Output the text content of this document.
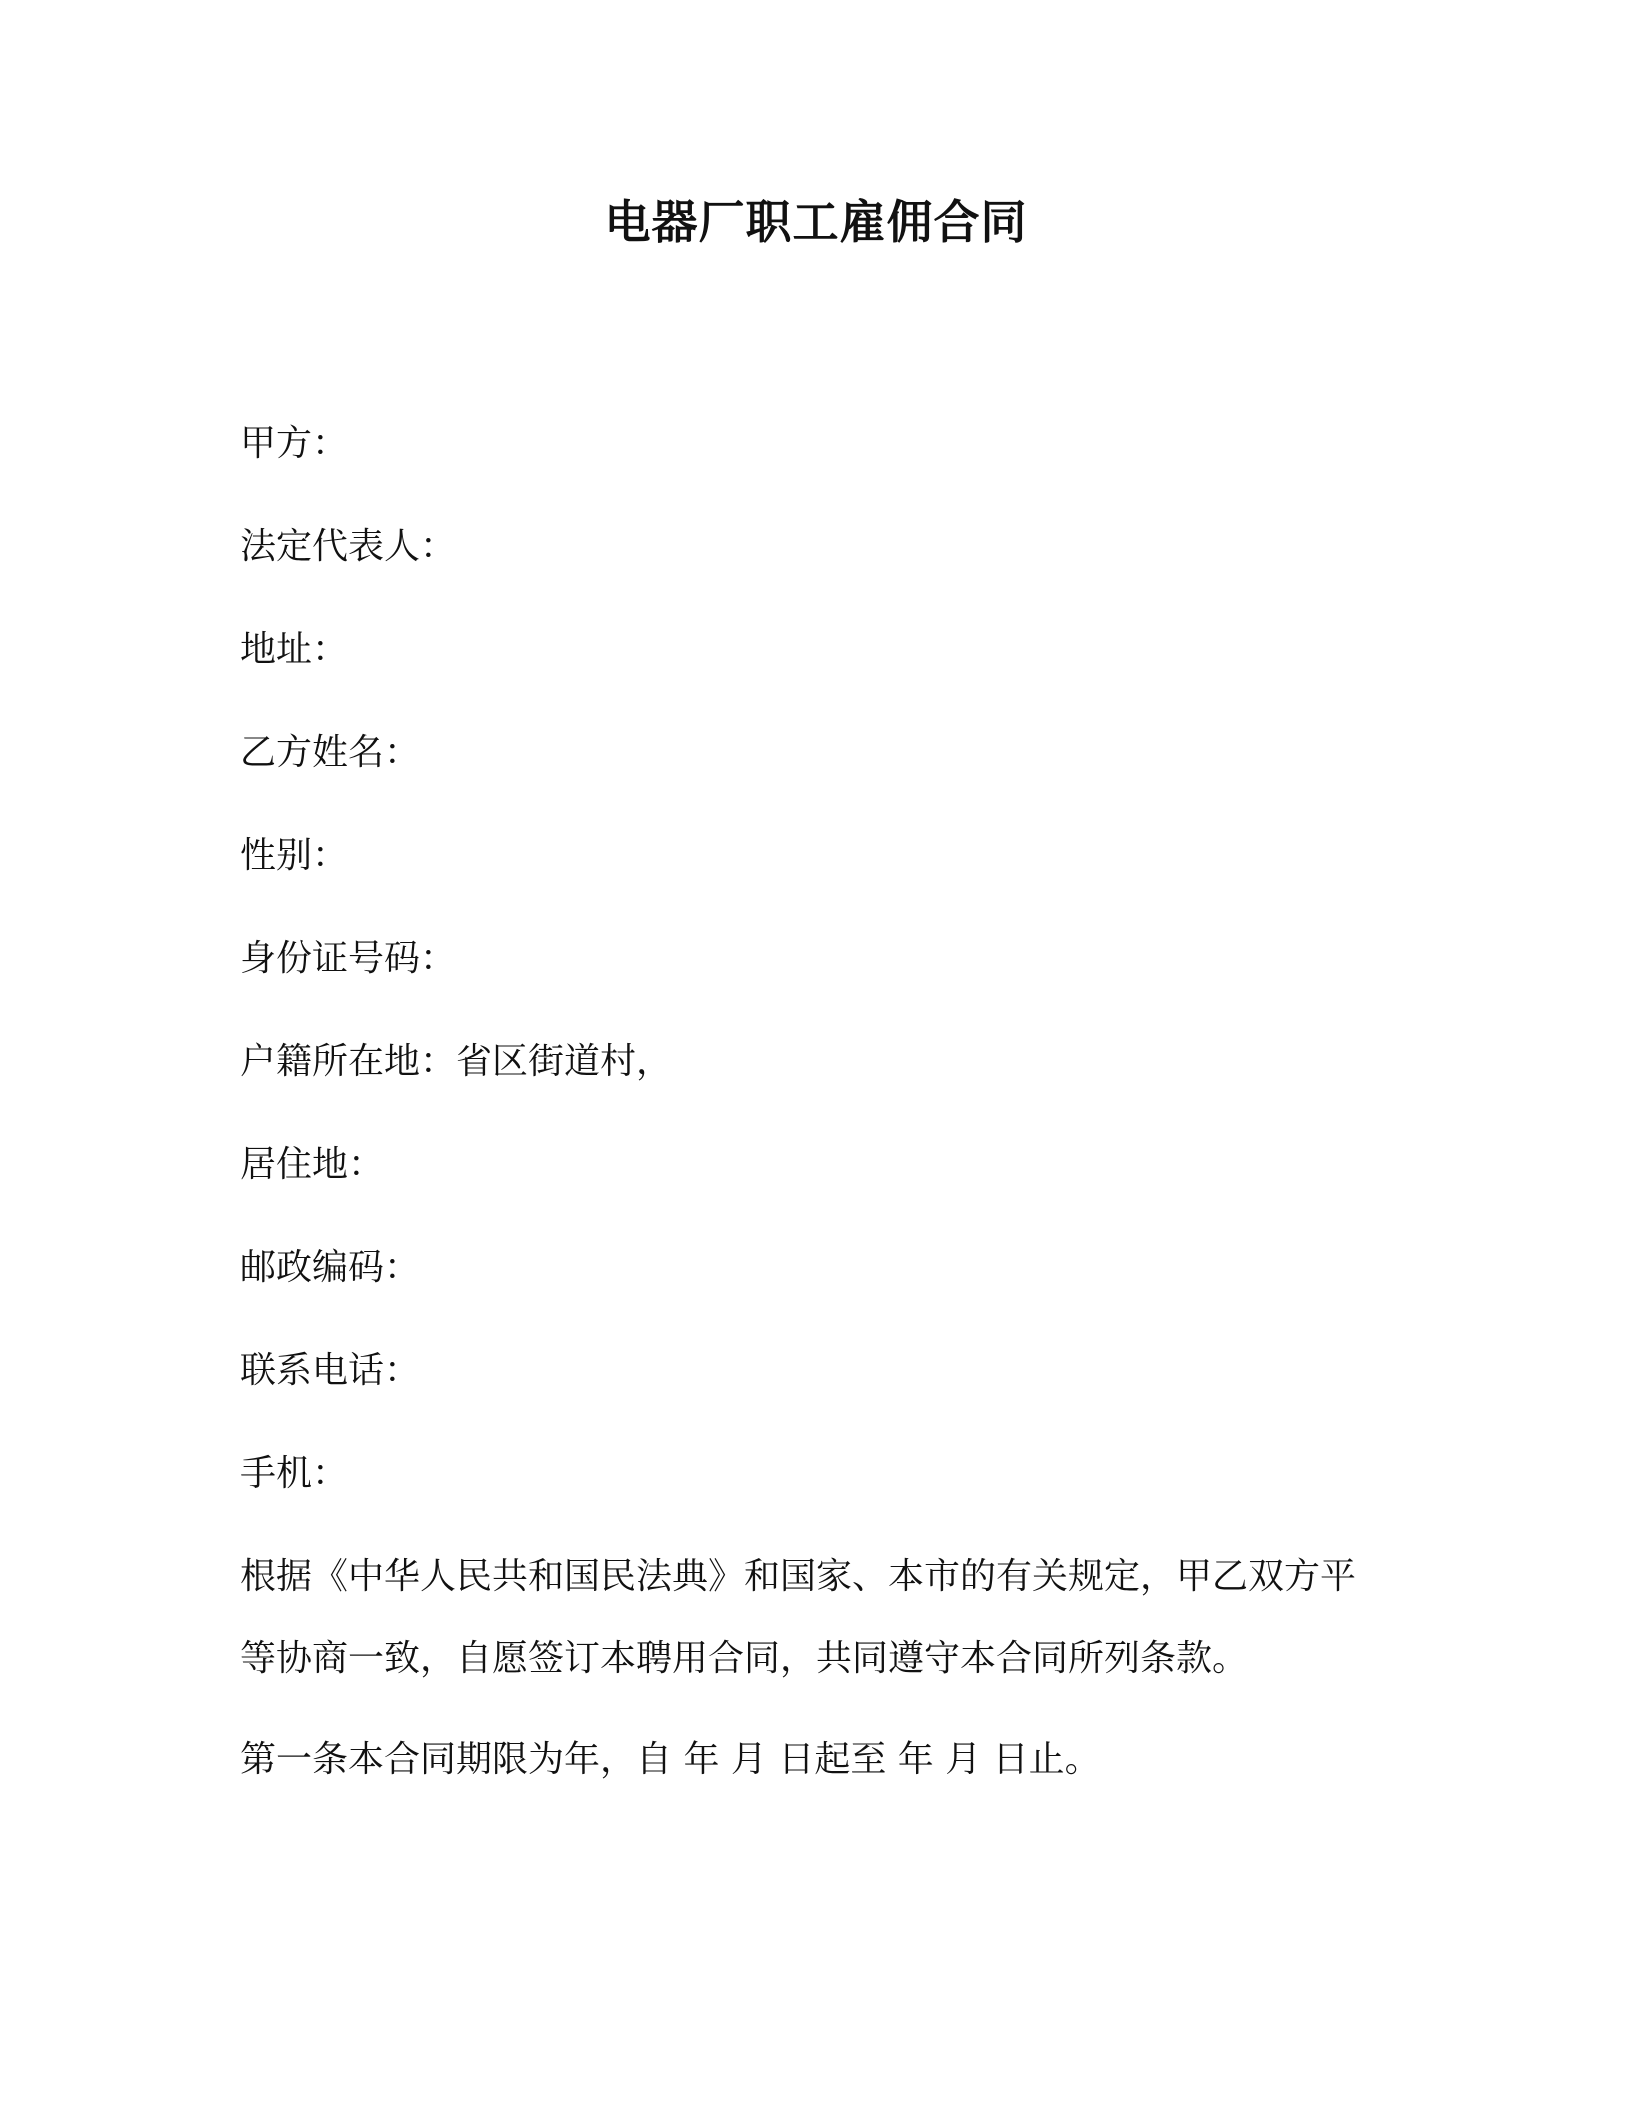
电器厂职工雇佣合同
甲方：
法定代表人：
地址：
乙方姓名：
性别：
身份证号码：
户籍所在地：省区街道村，
居住地：
邮政编码：
联系电话：
手机：
根据《中华人民共和国民法典》和国家、本市的有关规定，甲乙双方平等协商一致，自愿签订本聘用合同，共同遵守本合同所列条款。
第一条本合同期限为年，自 年 月 日起至 年 月 日止。
